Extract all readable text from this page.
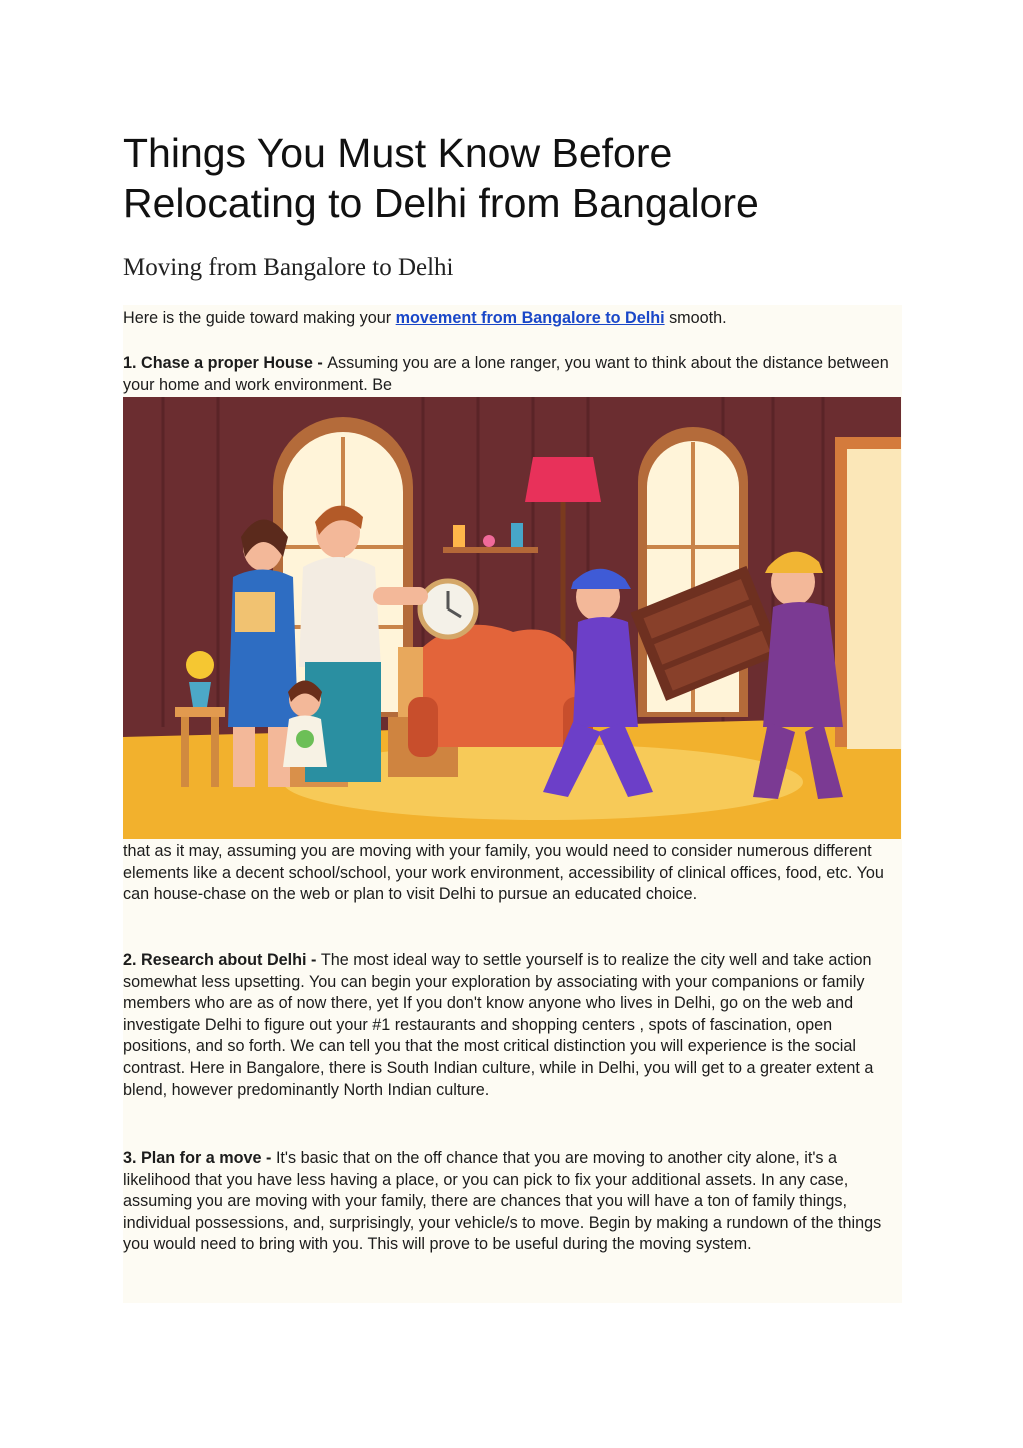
Things You Must Know Before
Relocating to Delhi from Bangalore
Moving from Bangalore to Delhi

Here is the guide toward making your movement from Bangalore to Delhi smooth.

1. Chase a proper House - Assuming you are a lone ranger, you want to think about the distance between your home and work environment. Be

that as it may, assuming you are moving with your family, you would need to consider numerous different elements like a decent school/school, your work environment, accessibility of clinical offices, food, etc. You can house-chase on the web or plan to visit Delhi to pursue an educated choice.

2. Research about Delhi - The most ideal way to settle yourself is to realize the city well and take action somewhat less upsetting. You can begin your exploration by associating with your companions or family members who are as of now there, yet If you don't know anyone who lives in Delhi, go on the web and investigate Delhi to figure out your #1 restaurants and shopping centers , spots of fascination, open positions, and so forth. We can tell you that the most critical distinction you will experience is the social contrast. Here in Bangalore, there is South Indian culture, while in Delhi, you will get to a greater extent a blend, however predominantly North Indian culture.

3. Plan for a move - It's basic that on the off chance that you are moving to another city alone, it's a likelihood that you have less having a place, or you can pick to fix your additional assets. In any case, assuming you are moving with your family, there are chances that you will have a ton of family things, individual possessions, and, surprisingly, your vehicle/s to move. Begin by making a rundown of the things you would need to bring with you. This will prove to be useful during the moving system.
